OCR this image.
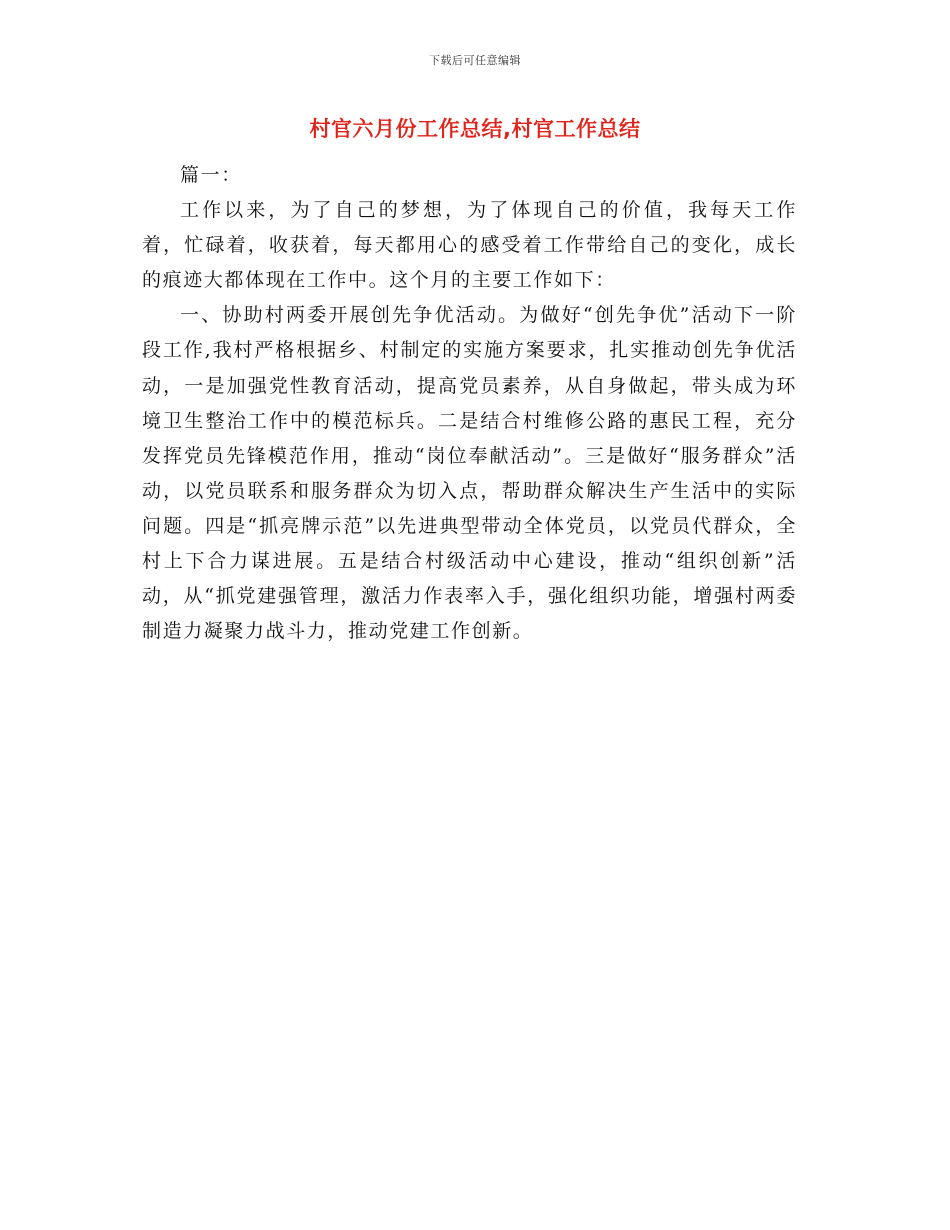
下载后可任意编辑
村官六月份工作总结,村官工作总结

篇一：

工作以来，为了自己的梦想，为了体现自己的价值，我每天工作着，忙碌着，收获着，每天都用心的感受着工作带给自己的变化，成长的痕迹大都体现在工作中。这个月的主要工作如下：

一、协助村两委开展创先争优活动。为做好“创先争优”活动下一阶段工作,我村严格根据乡、村制定的实施方案要求，扎实推动创先争优活动，一是加强党性教育活动，提高党员素养，从自身做起，带头成为环境卫生整治工作中的模范标兵。二是结合村维修公路的惠民工程，充分发挥党员先锋模范作用，推动“岗位奉献活动”。三是做好“服务群众”活动，以党员联系和服务群众为切入点，帮助群众解决生产生活中的实际问题。四是“抓亮牌示范”以先进典型带动全体党员，以党员代群众，全村上下合力谋进展。五是结合村级活动中心建设，推动“组织创新”活动，从“抓党建强管理，激活力作表率入手，强化组织功能，增强村两委制造力凝聚力战斗力，推动党建工作创新。
